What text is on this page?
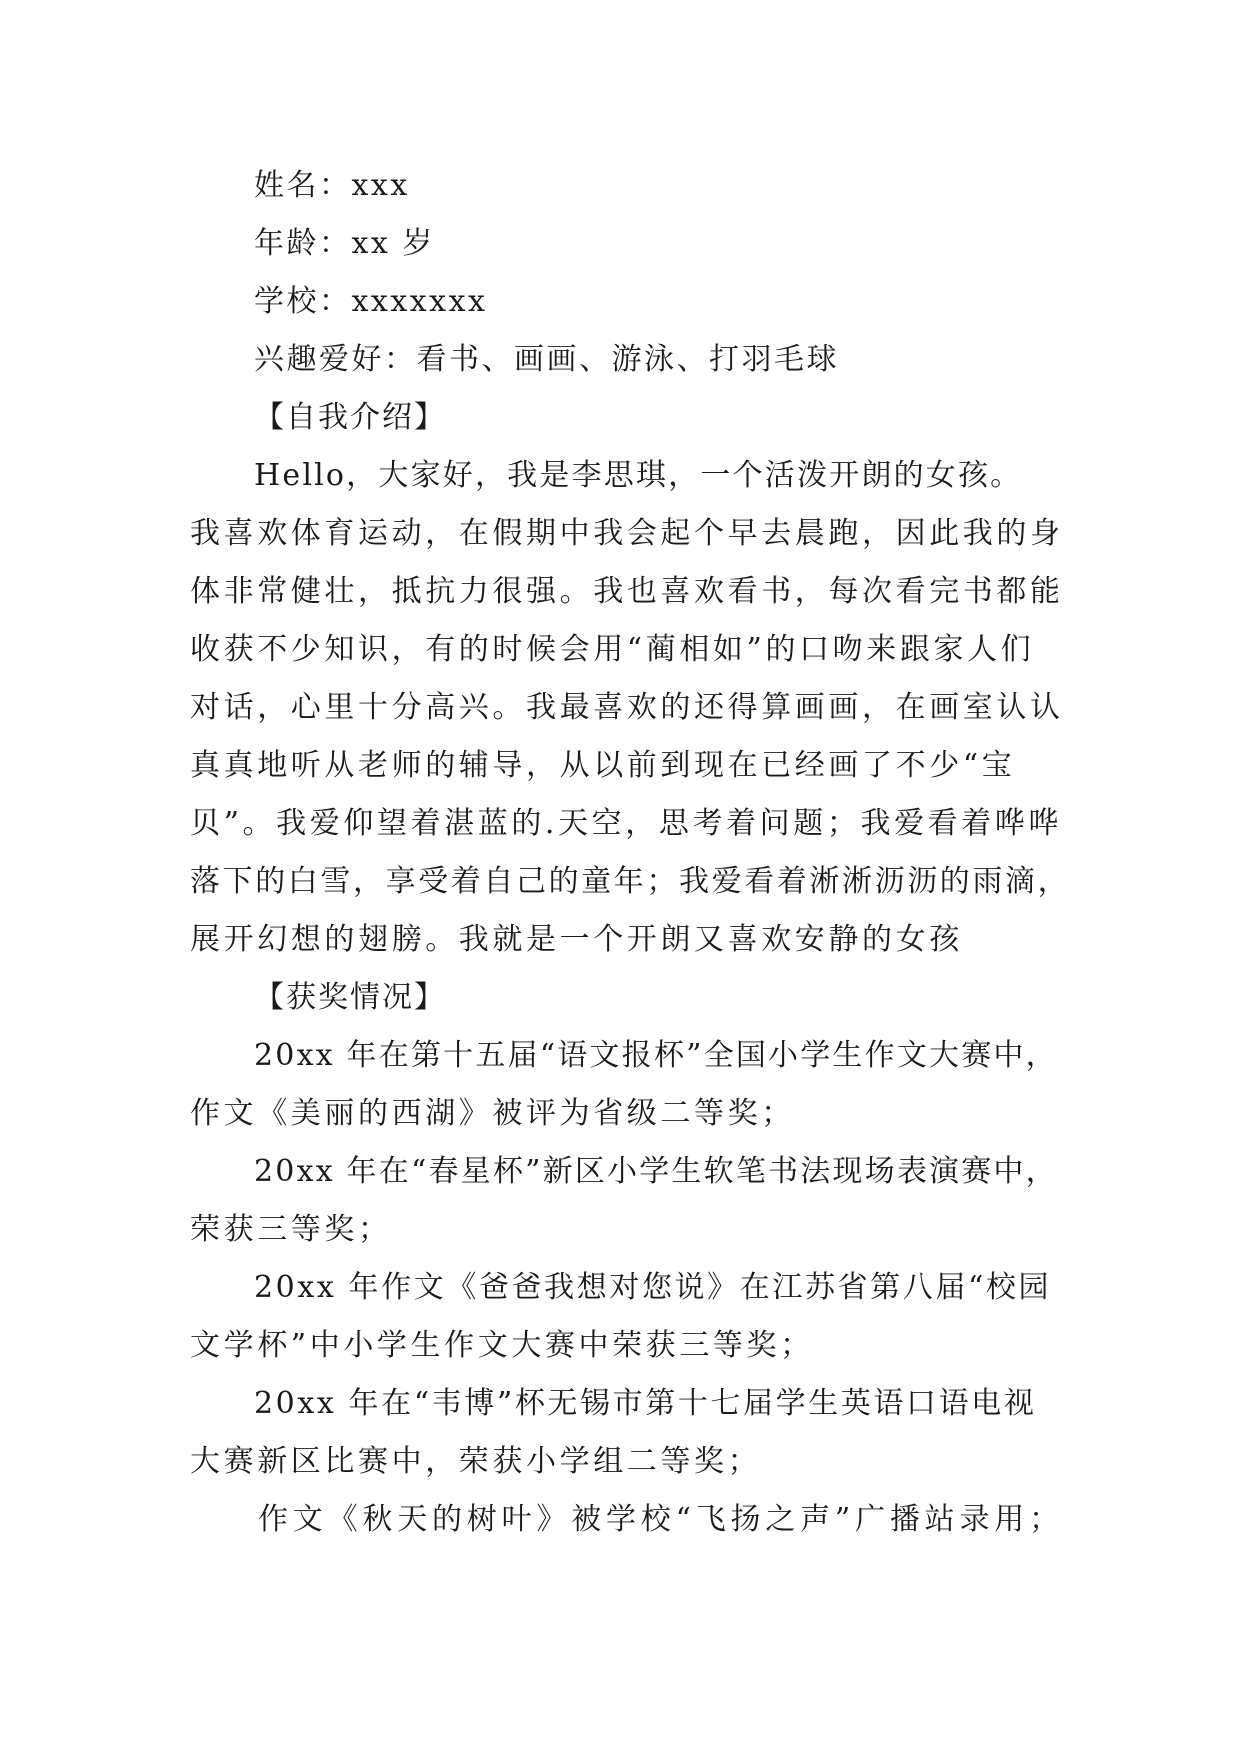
姓名：xxx
年龄：xx 岁
学校：xxxxxxx
兴趣爱好：看书、画画、游泳、打羽毛球
【自我介绍】
Hello，大家好，我是李思琪，一个活泼开朗的女孩。
我喜欢体育运动，在假期中我会起个早去晨跑，因此我的身
体非常健壮，抵抗力很强。我也喜欢看书，每次看完书都能
收获不少知识，有的时候会用“蔺相如”的口吻来跟家人们
对话，心里十分高兴。我最喜欢的还得算画画，在画室认认
真真地听从老师的辅导，从以前到现在已经画了不少“宝
贝”。我爱仰望着湛蓝的.天空，思考着问题；我爱看着哗哗
落下的白雪，享受着自己的童年；我爱看着淅淅沥沥的雨滴，
展开幻想的翅膀。我就是一个开朗又喜欢安静的女孩
【获奖情况】
20xx 年在第十五届“语文报杯”全国小学生作文大赛中，
作文《美丽的西湖》被评为省级二等奖；
20xx 年在“春星杯”新区小学生软笔书法现场表演赛中，
荣获三等奖；
20xx 年作文《爸爸我想对您说》在江苏省第八届“校园
文学杯”中小学生作文大赛中荣获三等奖；
20xx 年在“韦博”杯无锡市第十七届学生英语口语电视
大赛新区比赛中，荣获小学组二等奖；
作文《秋天的树叶》被学校“飞扬之声”广播站录用；
